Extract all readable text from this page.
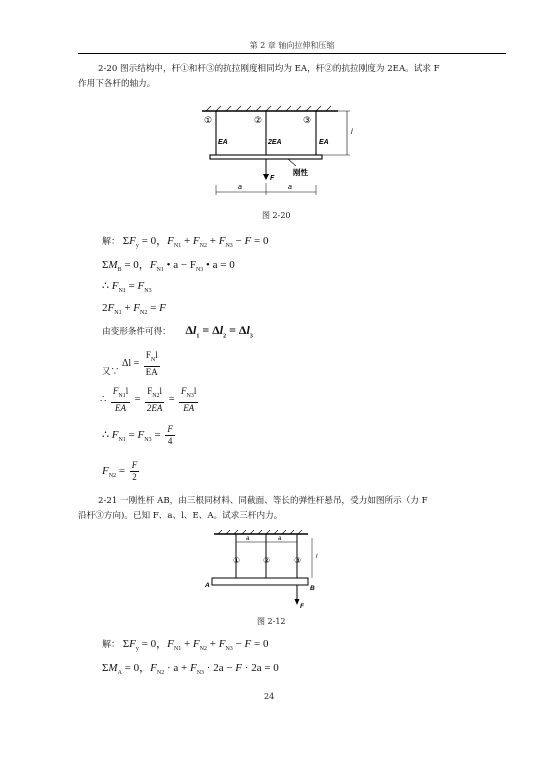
第 2 章 轴向拉伸和压缩
2-20 图示结构中，杆①和杆③的抗拉刚度相同均为 EA，杆②的抗拉刚度为 2EA。试求 F
作用下各杆的轴力。
①	②	③
EA	2EA	EA
l
F
刚性
a	a
图 2-20
解： $\Sigma F_y = 0$，$F_{N1} + F_{N2} + F_{N3} - F = 0$
$\Sigma M_B = 0$，$F_{N1}$ • $a - F_{N3}$ • a = 0
∴ $F_{N1} = F_{N3}$
$2F_{N1} + F_{N2} = F$
由变形条件可得： $\Delta l_1 = \Delta l_2 = \Delta l_3$
又∵ $\Delta l = \frac{F_Nl}{EA}$
∴ $\frac{F_{N1}l}{EA} = \frac{F_{N2}l}{2EA} = \frac{F_{N3}l}{EA}$
∴ $F_{N1} = F_{N3} = \frac{F}{4}$
$F_{N2} = \frac{F}{2}$
2-21 一刚性杆 AB，由三根同材料、同截面、等长的弹性杆悬吊，受力如图所示（力 F
沿杆③方向)。已知 F、a、l、E、A。试求三杆内力。
a	a
①	②	③ l
A	B
F
图 2-12
解： $\Sigma F_y = 0$，$F_{N1} + F_{N2} + F_{N3} - F = 0$
$\Sigma M_A = 0$，$F_{N2} \cdot a + F_{N3} \cdot 2a - F \cdot 2a = 0$
24
